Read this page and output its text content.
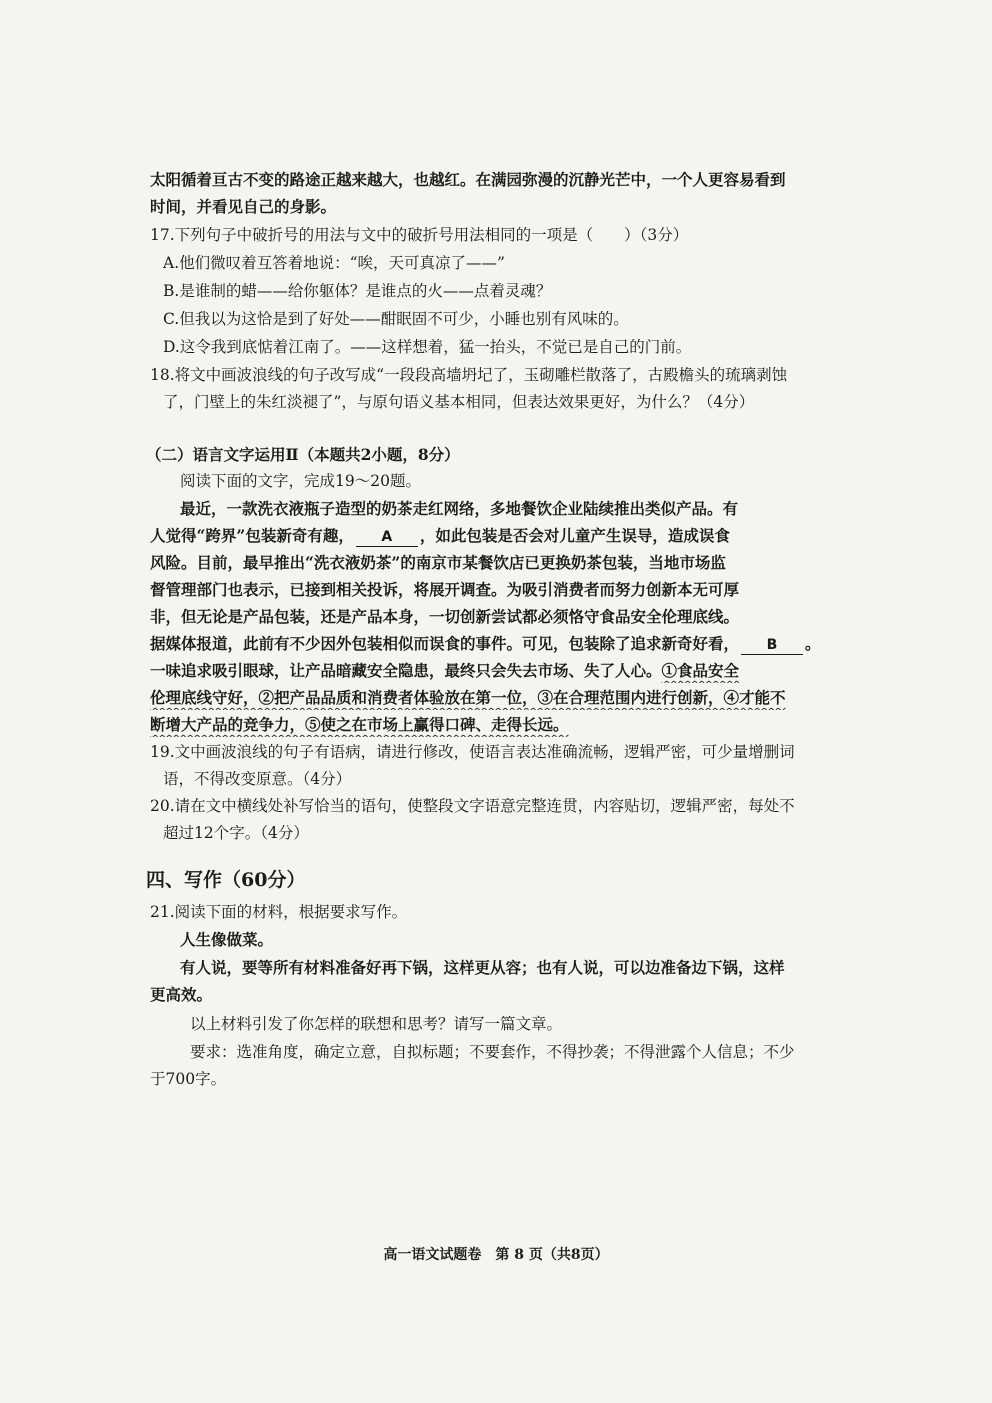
太阳循着亘古不变的路途正越来越大，也越红。在满园弥漫的沉静光芒中，一个人更容易看到
时间，并看见自己的身影。
17.下列句子中破折号的用法与文中的破折号用法相同的一项是（　　）（3分）
A.他们微叹着互答着地说：“唉，天可真凉了——”
B.是谁制的蜡——给你躯体？是谁点的火——点着灵魂？
C.但我以为这恰是到了好处——酣眠固不可少，小睡也别有风味的。
D.这令我到底惦着江南了。——这样想着，猛一抬头，不觉已是自己的门前。
18.将文中画波浪线的句子改写成“一段段高墙坍圮了，玉砌雕栏散落了，古殿檐头的琉璃剥蚀
了，门壁上的朱红淡褪了”，与原句语义基本相同，但表达效果更好，为什么？（4分）
（二）语言文字运用Ⅱ（本题共2小题，8分）
阅读下面的文字，完成19～20题。
最近，一款洗衣液瓶子造型的奶茶走红网络，多地餐饮企业陆续推出类似产品。有
人觉得“跨界”包装新奇有趣， A ，如此包装是否会对儿童产生误导，造成误食
风险。目前，最早推出“洗衣液奶茶”的南京市某餐饮店已更换奶茶包装，当地市场监
督管理部门也表示，已接到相关投诉，将展开调查。为吸引消费者而努力创新本无可厚
非，但无论是产品包装，还是产品本身，一切创新尝试都必须恪守食品安全伦理底线。
据媒体报道，此前有不少因外包装相似而误食的事件。可见，包装除了追求新奇好看， B 。
一味追求吸引眼球，让产品暗藏安全隐患，最终只会失去市场、失了人心。①食品安全
伦理底线守好，②把产品品质和消费者体验放在第一位，③在合理范围内进行创新，④才能不
断增大产品的竞争力，⑤使之在市场上赢得口碑、走得长远。
19.文中画波浪线的句子有语病，请进行修改，使语言表达准确流畅，逻辑严密，可少量增删词
语，不得改变原意。（4分）
20.请在文中横线处补写恰当的语句，使整段文字语意完整连贯，内容贴切，逻辑严密，每处不
超过12个字。（4分）
四、写作（60分）
21.阅读下面的材料，根据要求写作。
人生像做菜。
有人说，要等所有材料准备好再下锅，这样更从容；也有人说，可以边准备边下锅，这样
更高效。
以上材料引发了你怎样的联想和思考？请写一篇文章。
要求：选准角度，确定立意，自拟标题；不要套作，不得抄袭；不得泄露个人信息；不少
于700字。
高一语文试题卷　第 8 页（共8页）
